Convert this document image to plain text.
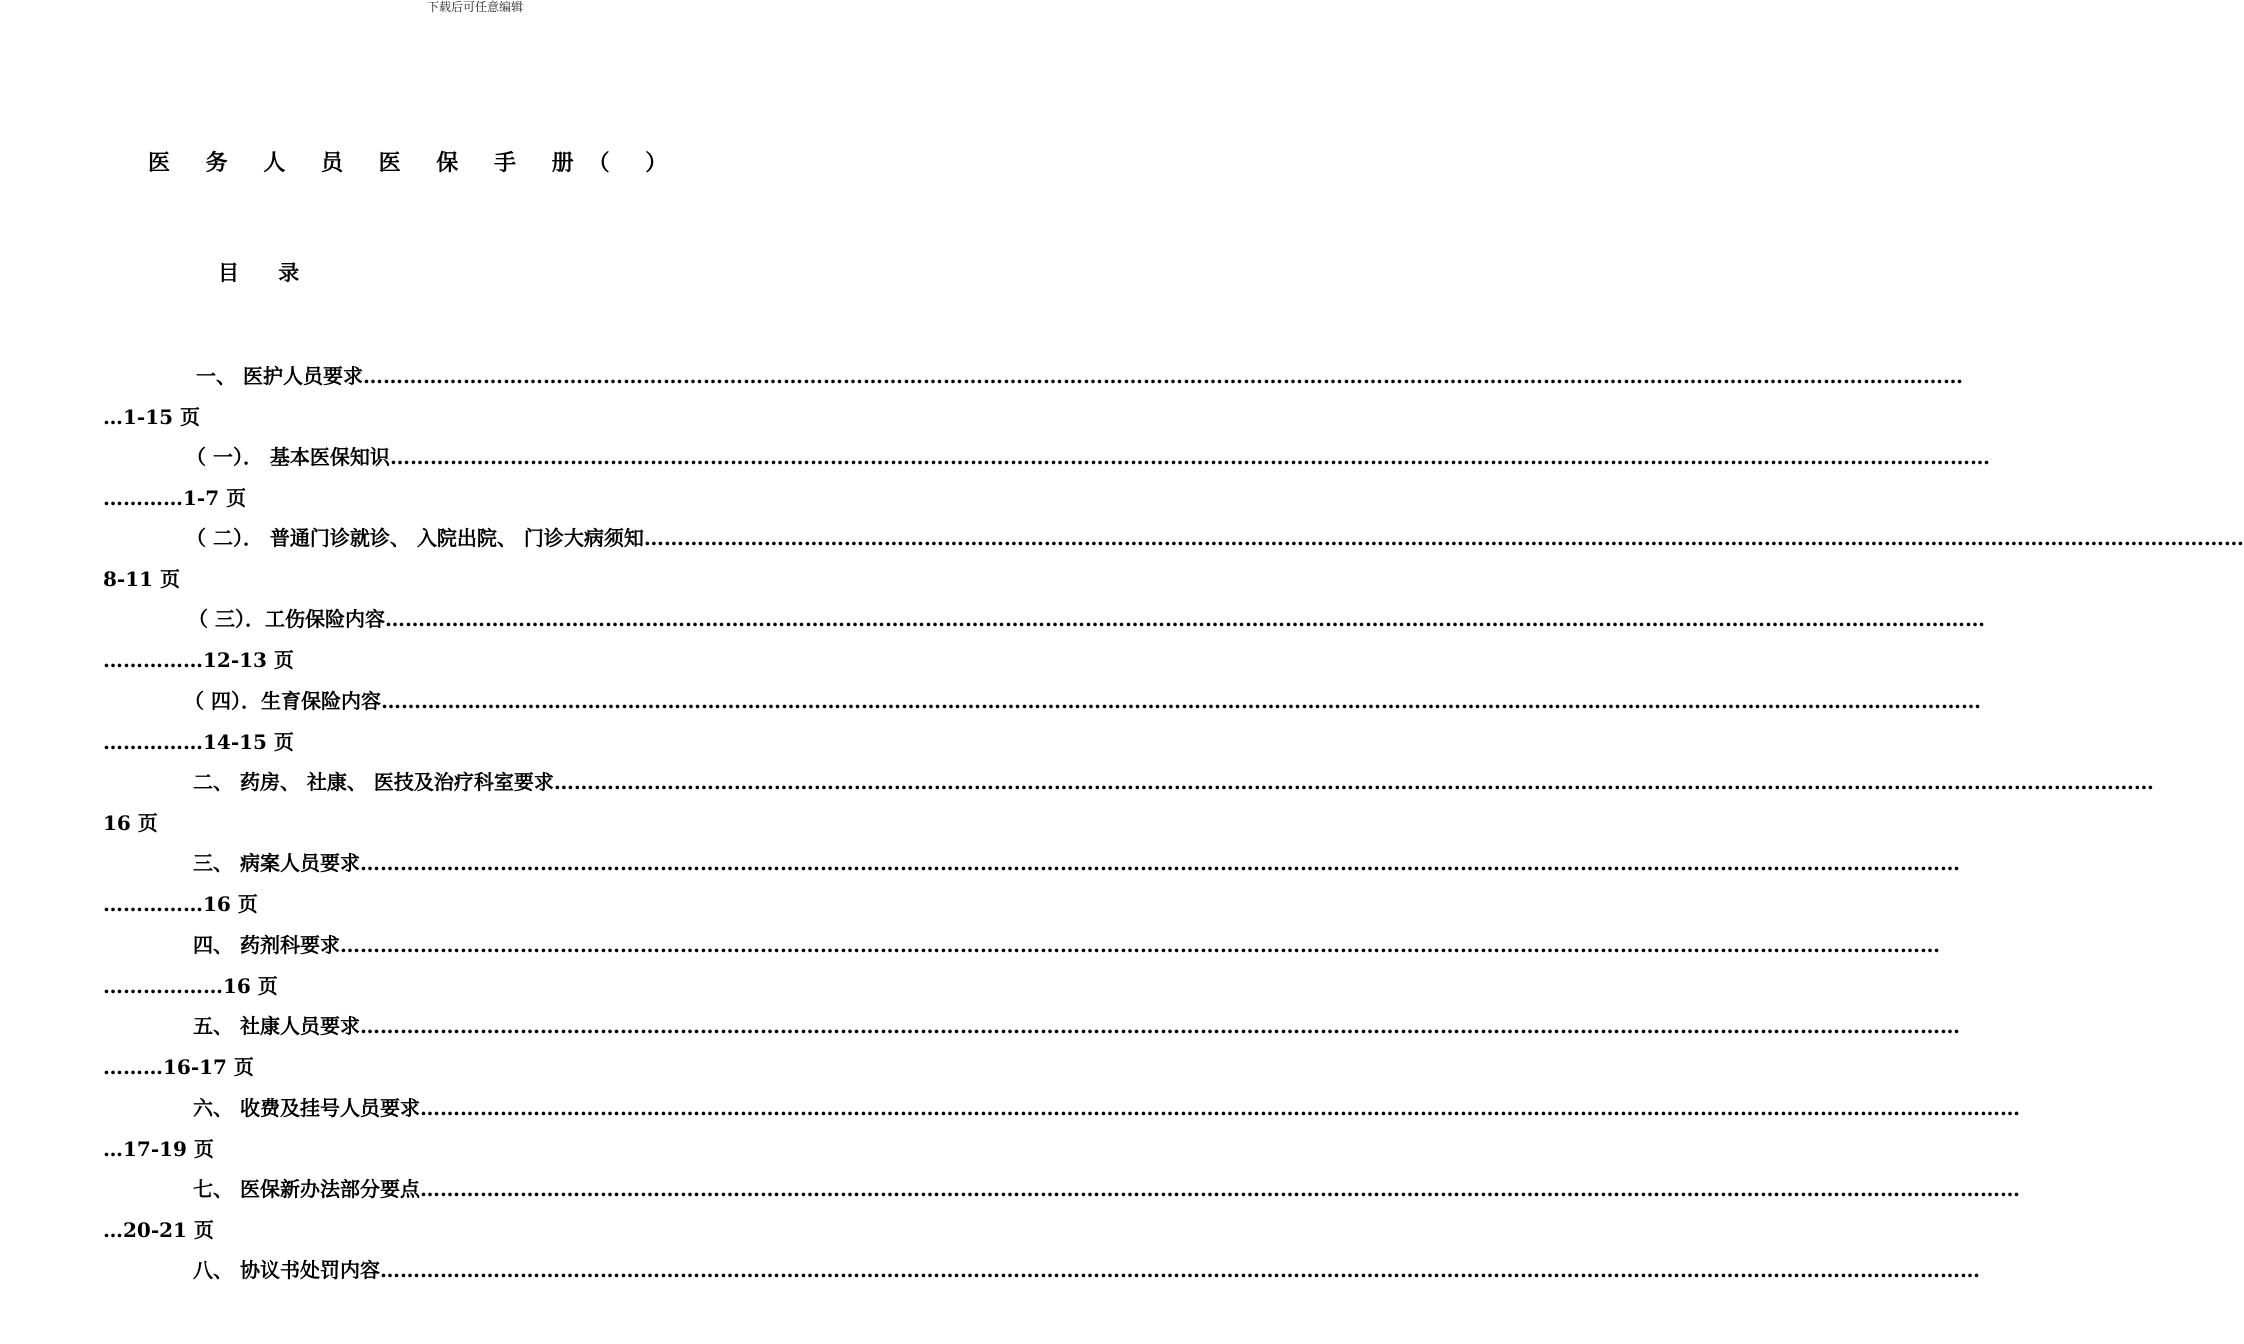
下载后可任意编辑
医 务 人 员 医 保 手 册（ ）
目 录
一、 医护人员要求 ……………………………………………………………………………………………………………………………………………………………………………………………………………………
…1-15 页
（ 一）． 基本医保知识 ……………………………………………………………………………………………………………………………………………………………………………………………………………………
…………1-7 页
（ 二）． 普通门诊就诊、 入院出院、 门诊大病须知 ……………………………………………………………………………………………………………………………………………………………………………………………………………………
8-11 页
（ 三）．工伤保险内容 ……………………………………………………………………………………………………………………………………………………………………………………………………………………
……………12-13 页
（ 四）．生育保险内容 ……………………………………………………………………………………………………………………………………………………………………………………………………………………
……………14-15 页
二、 药房、 社康、 医技及治疗科室要求 ……………………………………………………………………………………………………………………………………………………………………………………………………………………
16 页
三、 病案人员要求 ……………………………………………………………………………………………………………………………………………………………………………………………………………………
……………16 页
四、 药剂科要求 ……………………………………………………………………………………………………………………………………………………………………………………………………………………
………………16 页
五、 社康人员要求 ……………………………………………………………………………………………………………………………………………………………………………………………………………………
………16-17 页
六、 收费及挂号人员要求 ……………………………………………………………………………………………………………………………………………………………………………………………………………………
…17-19 页
七、 医保新办法部分要点 ……………………………………………………………………………………………………………………………………………………………………………………………………………………
…20-21 页
八、 协议书处罚内容 ……………………………………………………………………………………………………………………………………………………………………………………………………………………
